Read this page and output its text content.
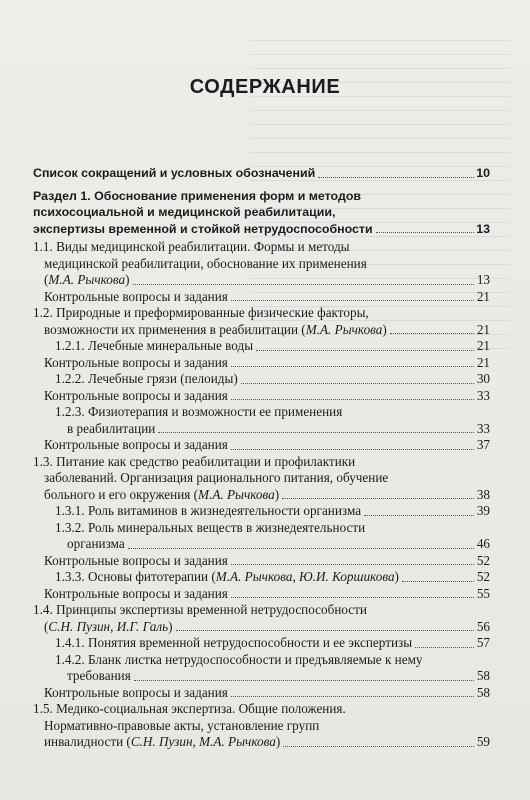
СОДЕРЖАНИЕ
Список сокращений и условных обозначений	10
Раздел 1. Обоснование применения форм и методов
психосоциальной и медицинской реабилитации,
экспертизы временной и стойкой нетрудоспособности	13
1.1. Виды медицинской реабилитации. Формы и методы
медицинской реабилитации, обоснование их применения
(М.А. Рычкова)	13
Контрольные вопросы и задания	21
1.2. Природные и преформированные физические факторы,
возможности их применения в реабилитации (М.А. Рычкова)	21
1.2.1. Лечебные минеральные воды	21
Контрольные вопросы и задания	21
1.2.2. Лечебные грязи (пелоиды)	30
Контрольные вопросы и задания	33
1.2.3. Физиотерапия и возможности ее применения
в реабилитации	33
Контрольные вопросы и задания	37
1.3. Питание как средство реабилитации и профилактики
заболеваний. Организация рационального питания, обучение
больного и его окружения (М.А. Рычкова)	38
1.3.1. Роль витаминов в жизнедеятельности организма	39
1.3.2. Роль минеральных веществ в жизнедеятельности
организма	46
Контрольные вопросы и задания	52
1.3.3. Основы фитотерапии (М.А. Рычкова, Ю.И. Коршикова)	52
Контрольные вопросы и задания	55
1.4. Принципы экспертизы временной нетрудоспособности
(С.Н. Пузин, И.Г. Галь)	56
1.4.1. Понятия временной нетрудоспособности и ее экспертизы	57
1.4.2. Бланк листка нетрудоспособности и предъявляемые к нему
требования	58
Контрольные вопросы и задания	58
1.5. Медико-социальная экспертиза. Общие положения.
Нормативно-правовые акты, установление групп
инвалидности (С.Н. Пузин, М.А. Рычкова)	59
